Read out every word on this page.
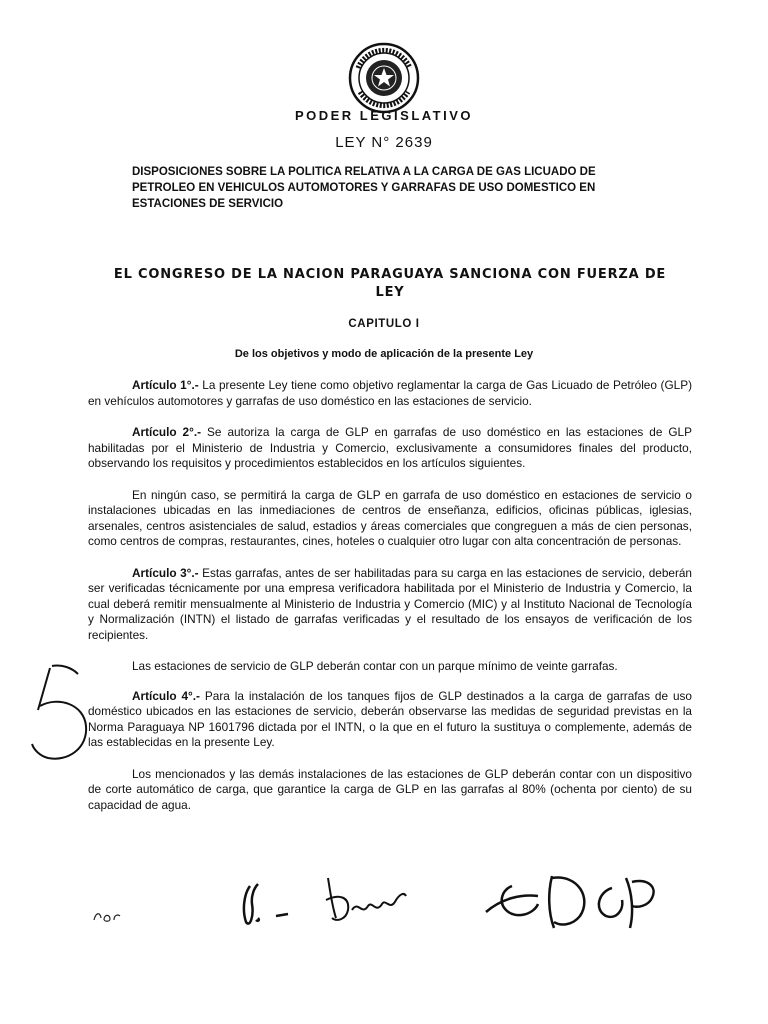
PODER LEGISLATIVO
LEY N° 2639
DISPOSICIONES SOBRE LA POLITICA RELATIVA A LA CARGA DE GAS LICUADO DE
PETROLEO EN VEHICULOS AUTOMOTORES Y GARRAFAS DE USO DOMESTICO EN
ESTACIONES DE SERVICIO
EL CONGRESO DE LA NACION PARAGUAYA SANCIONA CON FUERZA DE
LEY
CAPITULO I
De los objetivos y modo de aplicación de la presente Ley

Artículo 1°.- La presente Ley tiene como objetivo reglamentar la carga de Gas Licuado de Petróleo (GLP) en vehículos automotores y garrafas de uso doméstico en las estaciones de servicio.

Artículo 2°.- Se autoriza la carga de GLP en garrafas de uso doméstico en las estaciones de GLP habilitadas por el Ministerio de Industria y Comercio, exclusivamente a consumidores finales del producto, observando los requisitos y procedimientos establecidos en los artículos siguientes.

En ningún caso, se permitirá la carga de GLP en garrafa de uso doméstico en estaciones de servicio o instalaciones ubicadas en las inmediaciones de centros de enseñanza, edificios, oficinas públicas, iglesias, arsenales, centros asistenciales de salud, estadios y áreas comerciales que congreguen a más de cien personas, como centros de compras, restaurantes, cines, hoteles o cualquier otro lugar con alta concentración de personas.

Artículo 3°.- Estas garrafas, antes de ser habilitadas para su carga en las estaciones de servicio, deberán ser verificadas técnicamente por una empresa verificadora habilitada por el Ministerio de Industria y Comercio, la cual deberá remitir mensualmente al Ministerio de Industria y Comercio (MIC) y al Instituto Nacional de Tecnología y Normalización (INTN) el listado de garrafas verificadas y el resultado de los ensayos de verificación de los recipientes.

Las estaciones de servicio de GLP deberán contar con un parque mínimo de veinte garrafas.

Artículo 4°.- Para la instalación de los tanques fijos de GLP destinados a la carga de garrafas de uso doméstico ubicados en las estaciones de servicio, deberán observarse las medidas de seguridad previstas en la Norma Paraguaya NP 1601796 dictada por el INTN, o la que en el futuro la sustituya o complemente, además de las establecidas en la presente Ley.

Los mencionados y las demás instalaciones de las estaciones de GLP deberán contar con un dispositivo de corte automático de carga, que garantice la carga de GLP en las garrafas al 80% (ochenta por ciento) de su capacidad de agua.
